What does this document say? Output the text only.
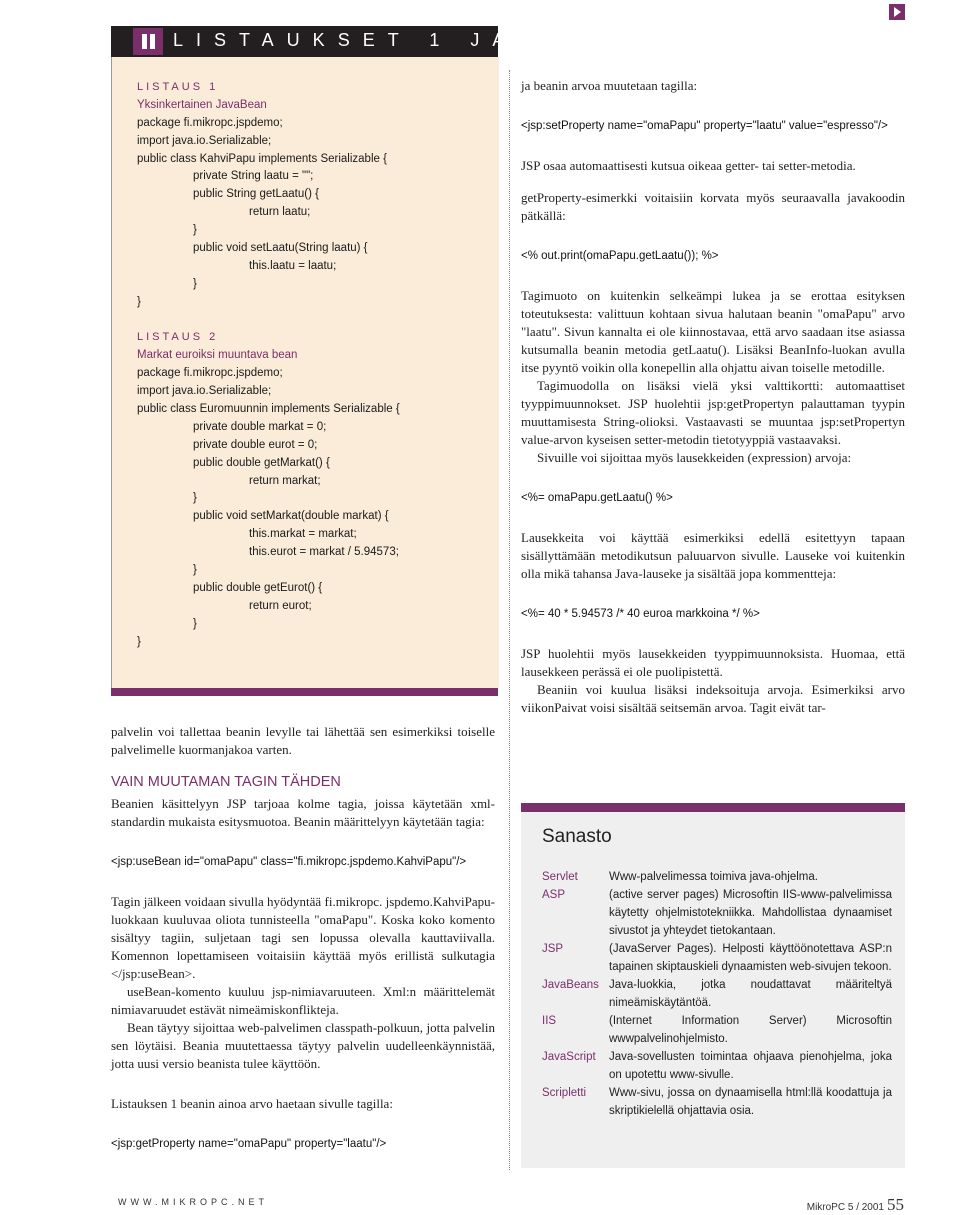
LISTAUKSET 1 JA 2
LISTAUS 1
Yksinkertainen JavaBean
package fi.mikropc.jspdemo;
import java.io.Serializable;
public class KahviPapu implements Serializable {
private String laatu = "";
public String getLaatu() {
return laatu;
}
public void setLaatu(String laatu) {
this.laatu = laatu;
}
}
LISTAUS 2
Markat euroiksi muuntava bean
package fi.mikropc.jspdemo;
import java.io.Serializable;
public class Euromuunnin implements Serializable {
private double markat = 0;
private double eurot = 0;
public double getMarkat() {
return markat;
}
public void setMarkat(double markat) {
this.markat = markat;
this.eurot = markat / 5.94573;
}
public double getEurot() {
return eurot;
}
}

palvelin voi tallettaa beanin levylle tai lähettää sen esimerkiksi toiselle palvelimelle kuormanjakoa varten.

VAIN MUUTAMAN TAGIN TÄHDEN

Beanien käsittelyyn JSP tarjoaa kolme tagia, joissa käytetään xml-standardin mukaista esitysmuotoa. Beanin määrittelyyn käytetään tagia:

<jsp:useBean id="omaPapu" class="fi.mikropc.jspdemo.KahviPapu"/>

Tagin jälkeen voidaan sivulla hyödyntää fi.mikropc. jspdemo.KahviPapu-luokkaan kuuluvaa oliota tunnisteella "omaPapu". Koska koko komento sisältyy tagiin, suljetaan tagi sen lopussa olevalla kauttaviivalla. Komennon lopettamiseen voitaisiin käyttää myös erillistä sulkutagia </jsp:useBean>.

useBean-komento kuuluu jsp-nimiavaruuteen. Xml:n määrittelemät nimiavaruudet estävät nimeämiskonflikteja.

Bean täytyy sijoittaa web-palvelimen classpath-polkuun, jotta palvelin sen löytäisi. Beania muutettaessa täytyy palvelin uudelleenkäynnistää, jotta uusi versio beanista tulee käyttöön.

Listauksen 1 beanin ainoa arvo haetaan sivulle tagilla:

<jsp:getProperty name="omaPapu" property="laatu"/>

ja beanin arvoa muutetaan tagilla:

<jsp:setProperty name="omaPapu" property="laatu" value="espresso"/>

JSP osaa automaattisesti kutsua oikeaa getter- tai setter-metodia.

getProperty-esimerkki voitaisiin korvata myös seuraavalla javakoodin pätkällä:

<% out.print(omaPapu.getLaatu()); %>

Tagimuoto on kuitenkin selkeämpi lukea ja se erottaa esityksen toteutuksesta: valittuun kohtaan sivua halutaan beanin "omaPapu" arvo "laatu". Sivun kannalta ei ole kiinnostavaa, että arvo saadaan itse asiassa kutsumalla beanin metodia getLaatu(). Lisäksi BeanInfo-luokan avulla itse pyyntö voikin olla konepellin alla ohjattu aivan toiselle metodille.

Tagimuodolla on lisäksi vielä yksi valttikortti: automaattiset tyyppimuunnokset. JSP huolehtii jsp:getPropertyn palauttaman tyypin muuttamisesta String-olioksi. Vastaavasti se muuntaa jsp:setPropertyn value-arvon kyseisen setter-metodin tietotyyppiä vastaavaksi.

Sivuille voi sijoittaa myös lausekkeiden (expression) arvoja:

<%= omaPapu.getLaatu() %>

Lausekkeita voi käyttää esimerkiksi edellä esitettyyn tapaan sisällyttämään metodikutsun paluuarvon sivulle. Lauseke voi kuitenkin olla mikä tahansa Java-lauseke ja sisältää jopa kommentteja:

<%= 40 * 5.94573 /* 40 euroa markkoina */ %>

JSP huolehtii myös lausekkeiden tyyppimuunnoksista. Huomaa, että lausekkeen perässä ei ole puolipistettä.

Beaniin voi kuulua lisäksi indeksoituja arvoja. Esimerkiksi arvo viikonPaivat voisi sisältää seitsemän arvoa. Tagit eivät tar-

Sanasto
Servlet	Www-palvelimessa toimiva java-ohjelma.
ASP	(active server pages) Microsoftin IIS-www-palvelimissa käytetty ohjelmistotekniikka. Mahdollistaa dynaamiset sivustot ja yhteydet tietokantaan.
JSP	(JavaServer Pages). Helposti käyttöönotettava ASP:n tapainen skiptauskieli dynaamisten web-sivujen tekoon.
JavaBeans Java-luokkia, jotka noudattavat määriteltyä nimeämiskäytäntöä.
IIS	(Internet Information Server) Microsoftin wwwpalvelinohjelmisto.
JavaScript	Java-sovellusten toimintaa ohjaava pienohjelma, joka on upotettu www-sivulle.
Scripletti	Www-sivu, jossa on dynaamisella html:llä koodattuja ja skriptikielellä ohjattavia osia.
WWW.MIKROPC.NET	MikroPC 5 / 2001 55
